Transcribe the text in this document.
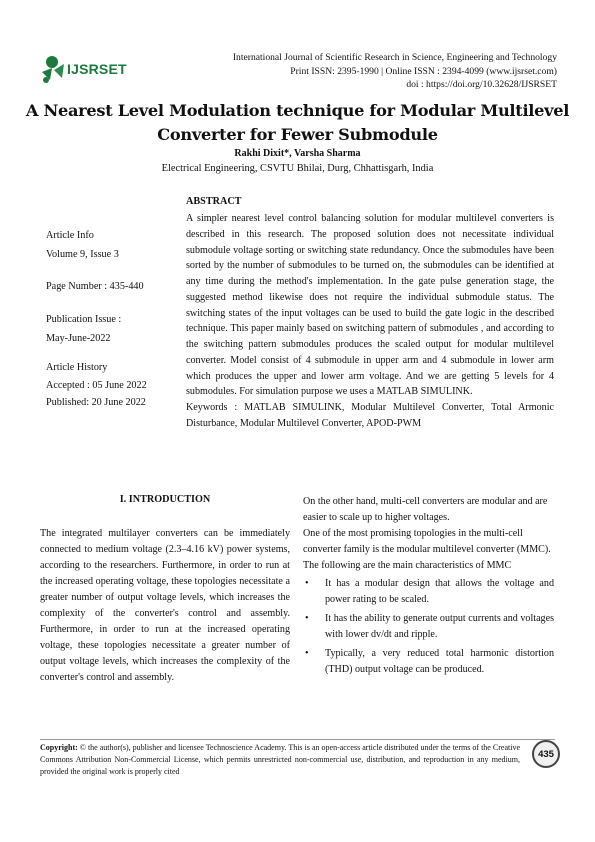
IJSRSET
International Journal of Scientific Research in Science, Engineering and Technology
Print ISSN: 2395-1990 | Online ISSN : 2394-4099 (www.ijsrset.com)
doi : https://doi.org/10.32628/IJSRSET
A Nearest Level Modulation technique for Modular Multilevel
Converter for Fewer Submodule
Rakhi Dixit*, Varsha Sharma
Electrical Engineering, CSVTU Bhilai, Durg, Chhattisgarh, India
ABSTRACT

A simpler nearest level control balancing solution for modular multilevel converters is described in this research. The proposed solution does not necessitate individual submodule voltage sorting or switching state redundancy. Once the submodules have been sorted by the number of submodules to be turned on, the submodules can be identified at any time during the method's implementation. In the gate pulse generation stage, the suggested method likewise does not require the individual submodule status. The switching states of the input voltages can be used to build the gate logic in the described technique. This paper mainly based on switching pattern of submodules , and according to the switching pattern submodules produces the scaled output for modular multilevel converter. Model consist of 4 submodule in upper arm and 4 submodule in lower arm which produces the upper and lower arm voltage. And we are getting 5 levels for 4 submodules. For simulation purpose we uses a MATLAB SIMULINK.

Keywords : MATLAB SIMULINK, Modular Multilevel Converter, Total Armonic Disturbance, Modular Multilevel Converter, APOD-PWM

Article Info
Volume 9, Issue 3
Page Number : 435-440
Publication Issue :
May-June-2022
Article History
Accepted : 05 June 2022
Published: 20 June 2022
I. INTRODUCTION

The integrated multilayer converters can be immediately connected to medium voltage (2.3–4.16 kV) power systems, according to the researchers. Furthermore, in order to run at the increased operating voltage, these topologies necessitate a greater number of output voltage levels, which increases the complexity of the converter's control and assembly. Furthermore, in order to run at the increased operating voltage, these topologies necessitate a greater number of output voltage levels, which increases the complexity of the converter's control and assembly.

On the other hand, multi-cell converters are modular and are easier to scale up to higher voltages.

One of the most promising topologies in the multi-cell converter family is the modular multilevel converter (MMC). The following are the main characteristics of MMC

• It has a modular design that allows the voltage and power rating to be scaled.
• It has the ability to generate output currents and voltages with lower dv/dt and ripple.
• Typically, a very reduced total harmonic distortion (THD) output voltage can be produced.
Copyright: © the author(s), publisher and licensee Technoscience Academy. This is an open-access article distributed under the terms of the Creative Commons Attribution Non-Commercial License, which permits unrestricted non-commercial use, distribution, and reproduction in any medium, provided the original work is properly cited
435
